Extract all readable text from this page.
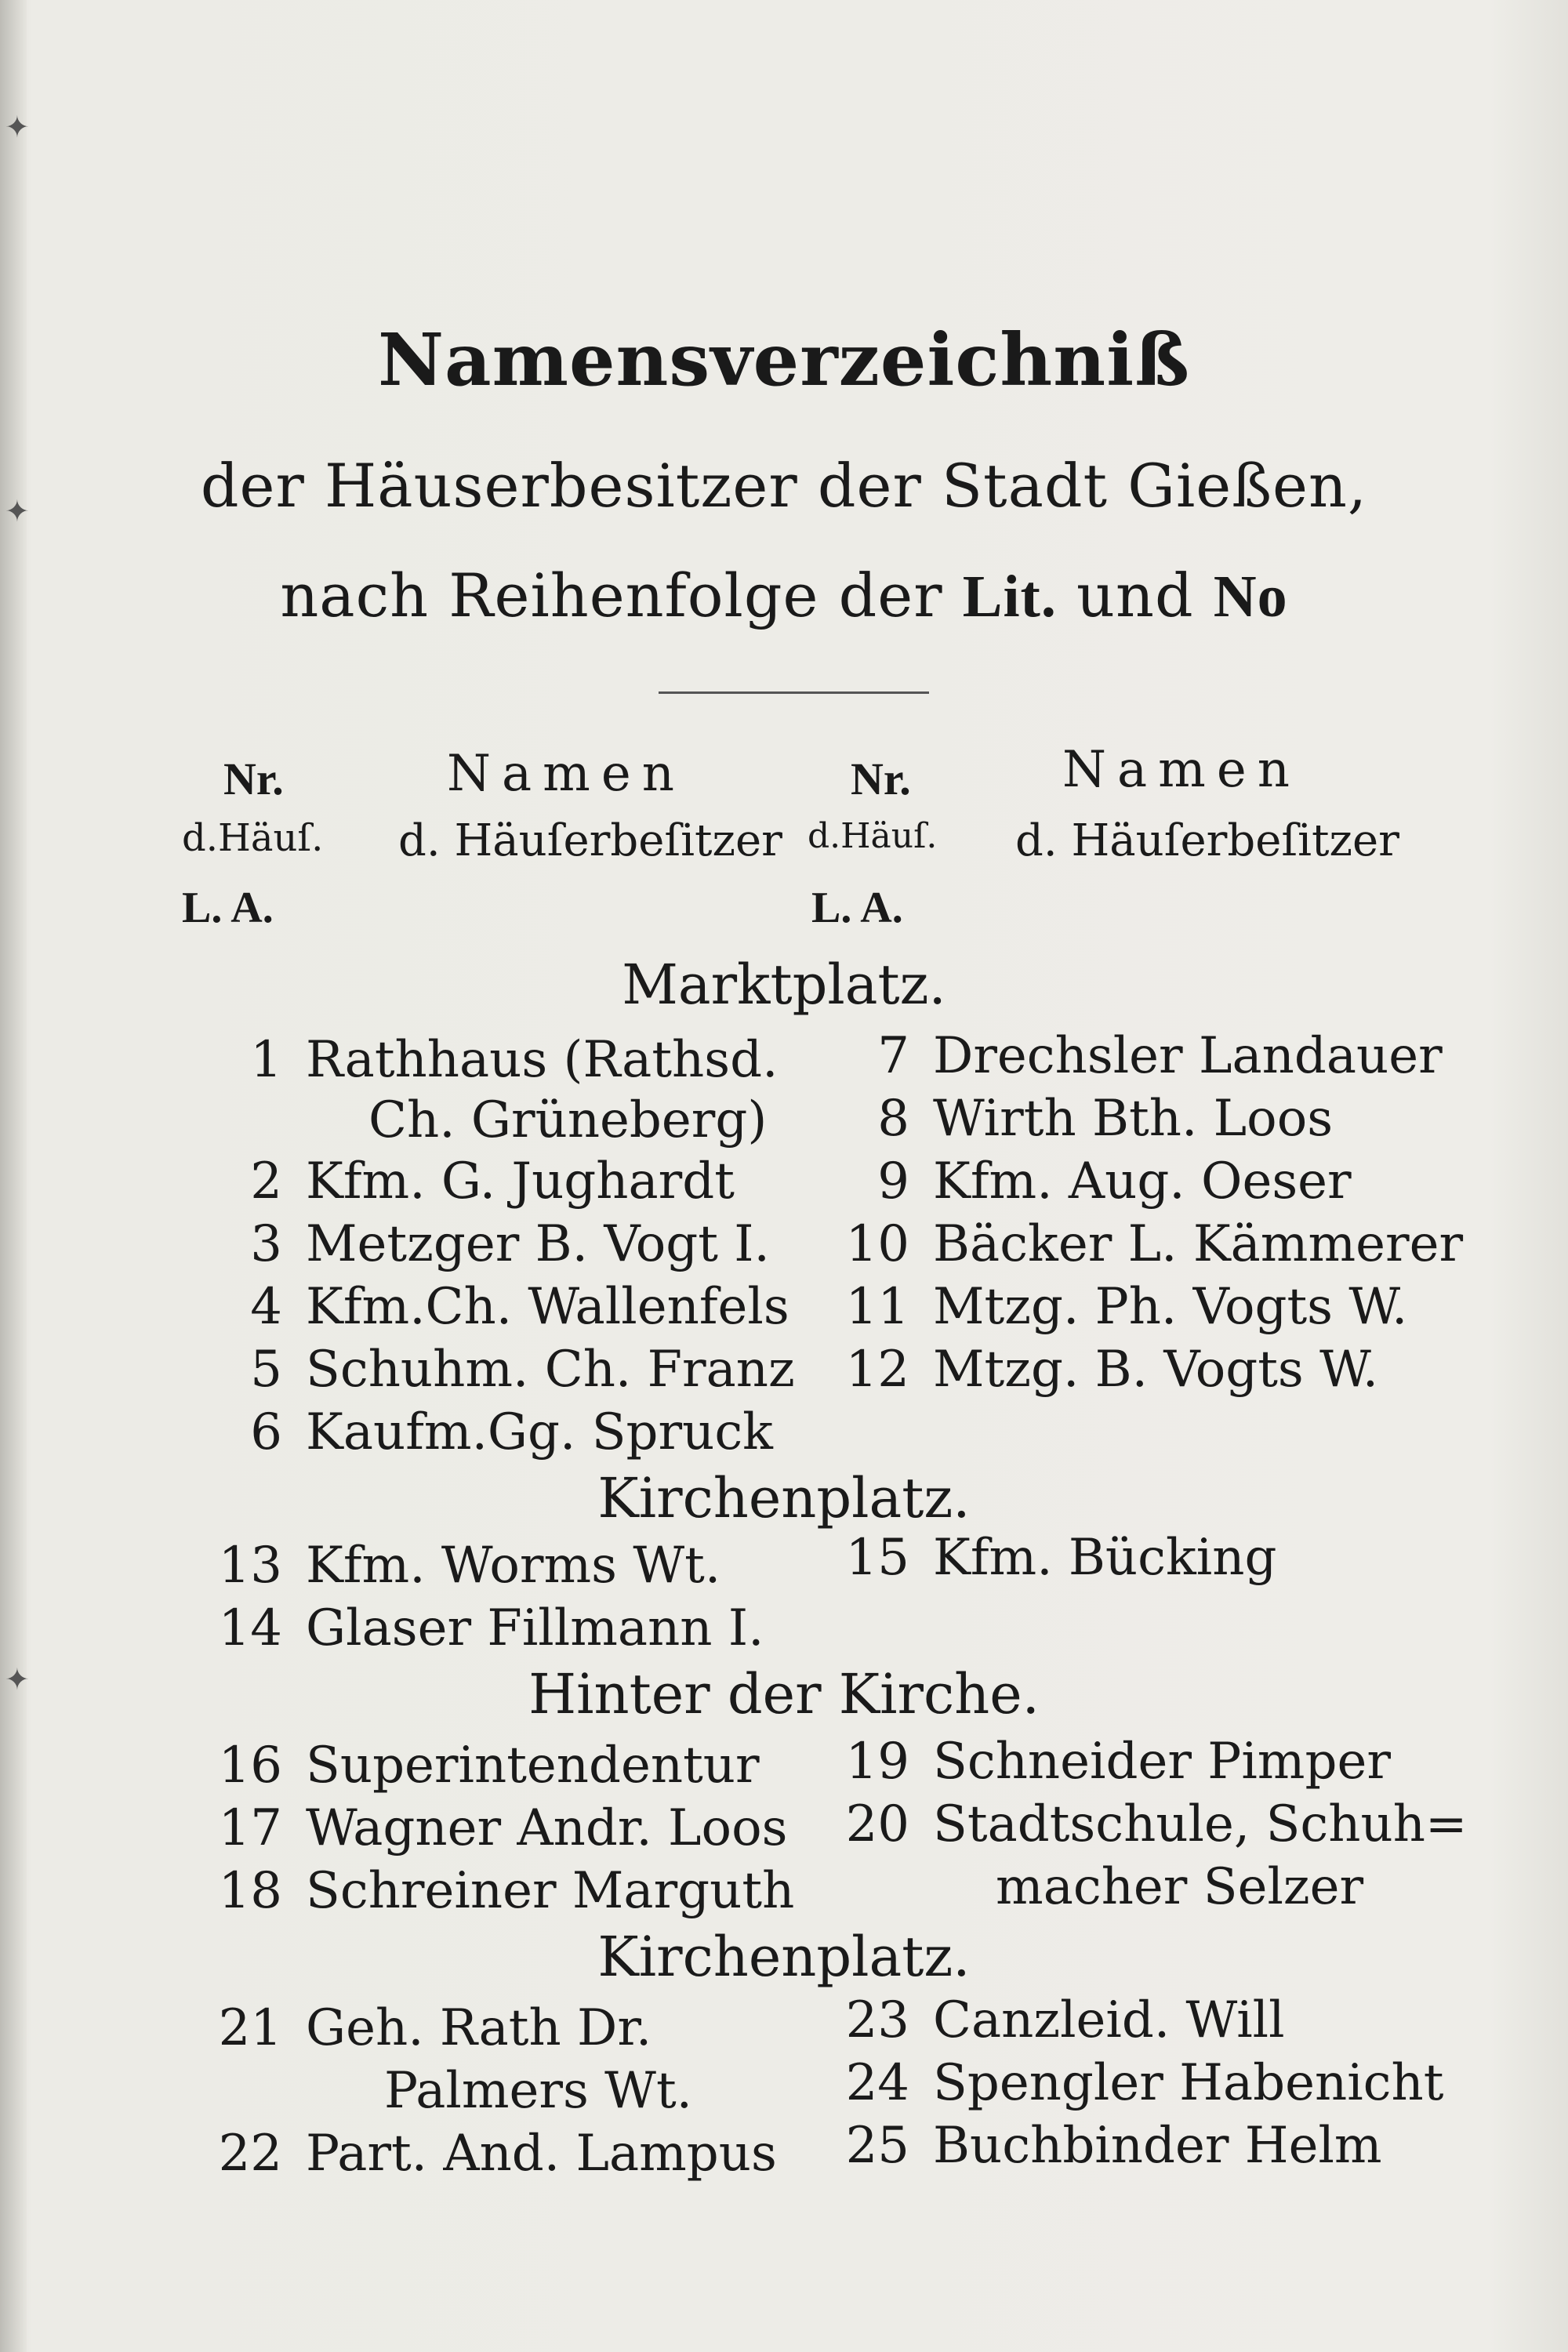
✦
✦
✦
Namensverzeichniß
der Häuserbesitzer der Stadt Gießen,
nach Reihenfolge der Lit. und No
Nr.
d.Häuſ.
L. A.
Namen
d. Häuſerbeſitzer
Nr.
d.Häuſ.
L. A.
Namen
d. Häuſerbeſitzer
Marktplatz.
1 Rathhaus (Rathsd.
Ch. Grüneberg)
2 Kfm. G. Jughardt
3 Metzger B. Vogt I.
4 Kfm.Ch. Wallenfels
5 Schuhm. Ch. Franz
6 Kaufm.Gg. Spruck
7 Drechsler Landauer
8 Wirth Bth. Loos
9 Kfm. Aug. Oeser
10 Bäcker L. Kämmerer
11 Mtzg. Ph. Vogts W.
12 Mtzg. B. Vogts W.
Kirchenplatz.
13 Kfm. Worms Wt.
14 Glaser Fillmann I.
15 Kfm. Bücking
Hinter der Kirche.
16 Superintendentur
17 Wagner Andr. Loos
18 Schreiner Marguth
19 Schneider Pimper
20 Stadtschule, Schuh=
macher Selzer
Kirchenplatz.
21 Geh. Rath Dr.
Palmers Wt.
22 Part. And. Lampus
23 Canzleid. Will
24 Spengler Habenicht
25 Buchbinder Helm
